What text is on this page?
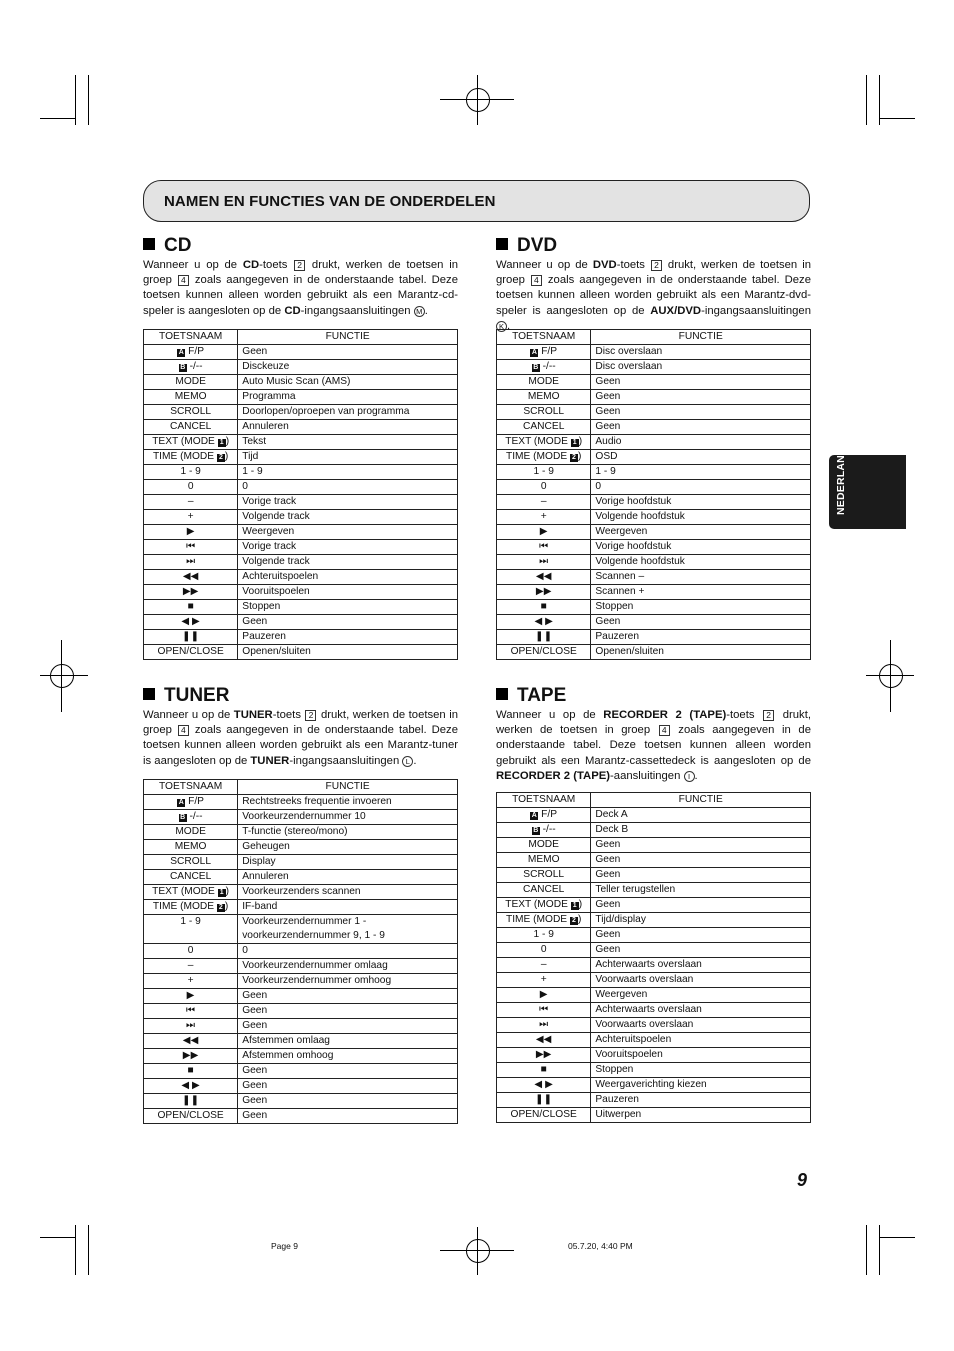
NAMEN EN FUNCTIES VAN DE ONDERDELEN
NEDERLANDS
CD
Wanneer u op de CD-toets 2 drukt, werken de toetsen in groep 4 zoals aangegeven in de onderstaande tabel. Deze toetsen kunnen alleen worden gebruikt als een Marantz-cd-speler is aangesloten op de CD-ingangsaansluitingen M .
TOETSNAAM	FUNCTIE
A F/P	Geen
B -/--	Disckeuze
MODE	Auto Music Scan (AMS)
MEMO	Programma
SCROLL	Doorlopen/oproepen van programma
CANCEL	Annuleren
TEXT (MODE 1 )	Tekst
TIME (MODE 2 )	Tijd
1 - 9	1 - 9
0	0
–	Vorige track
+	Volgende track
▶	Weergeven
⏮	Vorige track
⏭	Volgende track
◀◀	Achteruitspoelen
▶▶	Vooruitspoelen
■	Stoppen
◀ ▶	Geen
❚❚	Pauzeren
OPEN/CLOSE	Openen/sluiten
DVD
Wanneer u op de DVD-toets 2 drukt, werken de toetsen in groep 4 zoals aangegeven in de onderstaande tabel. Deze toetsen kunnen alleen worden gebruikt als een Marantz-dvd-speler is aangesloten op de AUX/DVD-ingangsaansluitingen K .
TOETSNAAM	FUNCTIE
A F/P	Disc overslaan
B -/--	Disc overslaan
MODE	Geen
MEMO	Geen
SCROLL	Geen
CANCEL	Geen
TEXT (MODE 1 )	Audio
TIME (MODE 2 )	OSD
1 - 9	1 - 9
0	0
–	Vorige hoofdstuk
+	Volgende hoofdstuk
▶	Weergeven
⏮	Vorige hoofdstuk
⏭	Volgende hoofdstuk
◀◀	Scannen –
▶▶	Scannen +
■	Stoppen
◀ ▶	Geen
❚❚	Pauzeren
OPEN/CLOSE	Openen/sluiten
TUNER
Wanneer u op de TUNER-toets 2 drukt, werken de toetsen in groep 4 zoals aangegeven in de onderstaande tabel. Deze toetsen kunnen alleen worden gebruikt als een Marantz-tuner is aangesloten op de TUNER-ingangsaansluitingen L .
TOETSNAAM	FUNCTIE
A F/P	Rechtstreeks frequentie invoeren
B -/--	Voorkeurzendernummer 10
MODE	T-functie (stereo/mono)
MEMO	Geheugen
SCROLL	Display
CANCEL	Annuleren
TEXT (MODE 1 )	Voorkeurzenders scannen
TIME (MODE 2 )	IF-band
1 - 9	Voorkeurzendernummer 1 -
voorkeurzendernummer 9, 1 - 9
0	0
–	Voorkeurzendernummer omlaag
+	Voorkeurzendernummer omhoog
▶	Geen
⏮	Geen
⏭	Geen
◀◀	Afstemmen omlaag
▶▶	Afstemmen omhoog
■	Geen
◀ ▶	Geen
❚❚	Geen
OPEN/CLOSE	Geen
TAPE
Wanneer u op de RECORDER 2 (TAPE)-toets 2 drukt, werken de toetsen in groep 4 zoals aangegeven in de onderstaande tabel. Deze toetsen kunnen alleen worden gebruikt als een Marantz-cassettedeck is aangesloten op de RECORDER 2 (TAPE)-aansluitingen I .
TOETSNAAM	FUNCTIE
A F/P	Deck A
B -/--	Deck B
MODE	Geen
MEMO	Geen
SCROLL	Geen
CANCEL	Teller terugstellen
TEXT (MODE 1 )	Geen
TIME (MODE 2 )	Tijd/display
1 - 9	Geen
0	Geen
–	Achterwaarts overslaan
+	Voorwaarts overslaan
▶	Weergeven
⏮	Achterwaarts overslaan
⏭	Voorwaarts overslaan
◀◀	Achteruitspoelen
▶▶	Vooruitspoelen
■	Stoppen
◀ ▶	Weergaverichting kiezen
❚❚	Pauzeren
OPEN/CLOSE	Uitwerpen
9
Page 9	05.7.20, 4:40 PM
